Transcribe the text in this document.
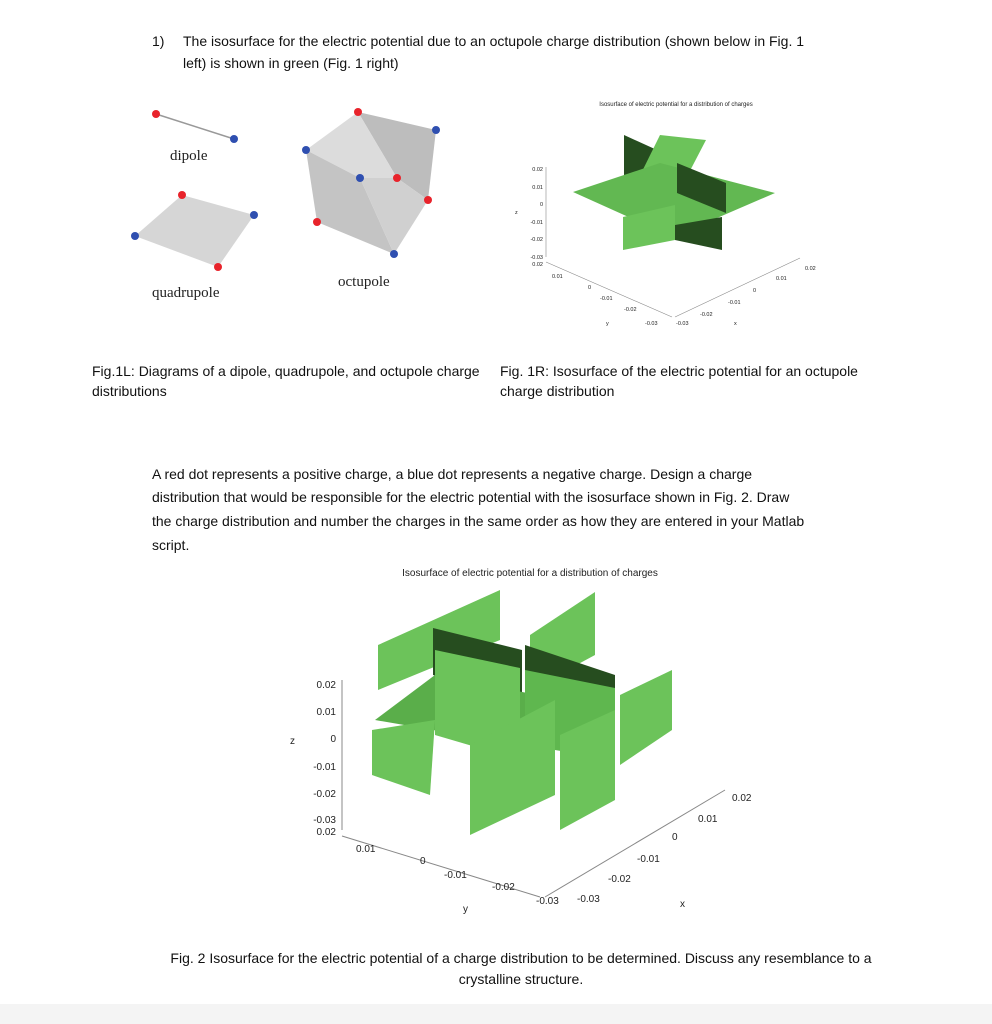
1) The isosurface for the electric potential due to an octupole charge distribution (shown below in Fig. 1
left) is shown in green (Fig. 1 right)
dipole
quadrupole
octupole
Isosurface of electric potential for a distribution of charges
0.02
0.01
0
-0.01
-0.02
-0.03
0.02
z
0.01
0
-0.01
-0.02
-0.03
y	-0.03
-0.02
-0.01
0
0.01
0.02
x
Fig.1L: Diagrams of a dipole, quadrupole, and octupole charge
distributions
Fig. 1R: Isosurface of the electric potential for an octupole
charge distribution
A red dot represents a positive charge, a blue dot represents a negative charge. Design a charge
distribution that would be responsible for the electric potential with the isosurface shown in Fig. 2. Draw
the charge distribution and number the charges in the same order as how they are entered in your Matlab
script.
Isosurface of electric potential for a distribution of charges
0.02
0.01
0
-0.01
-0.02
-0.03
0.02
z
0.01
0
-0.01
-0.02
-0.03
y
-0.03
-0.02
-0.01
0
0.01
0.02
x
Fig. 2 Isosurface for the electric potential of a charge distribution to be determined. Discuss any resemblance to a
crystalline structure.
